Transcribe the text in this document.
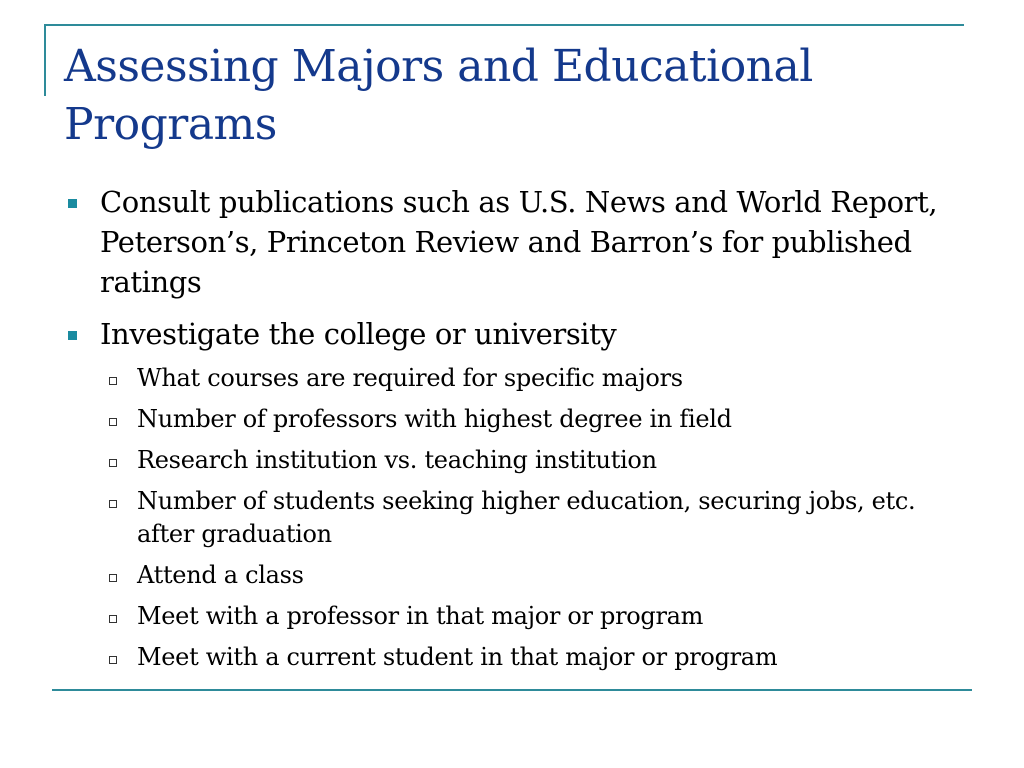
Assessing Majors and Educational Programs
Consult publications such as U.S. News and World Report, Peterson’s, Princeton Review and Barron’s for published ratings
Investigate the college or university
What courses are required for specific majors
Number of professors with highest degree in field
Research institution vs. teaching institution
Number of students seeking higher education, securing jobs, etc. after graduation
Attend a class
Meet with a professor in that major or program
Meet with a current student in that major or program
